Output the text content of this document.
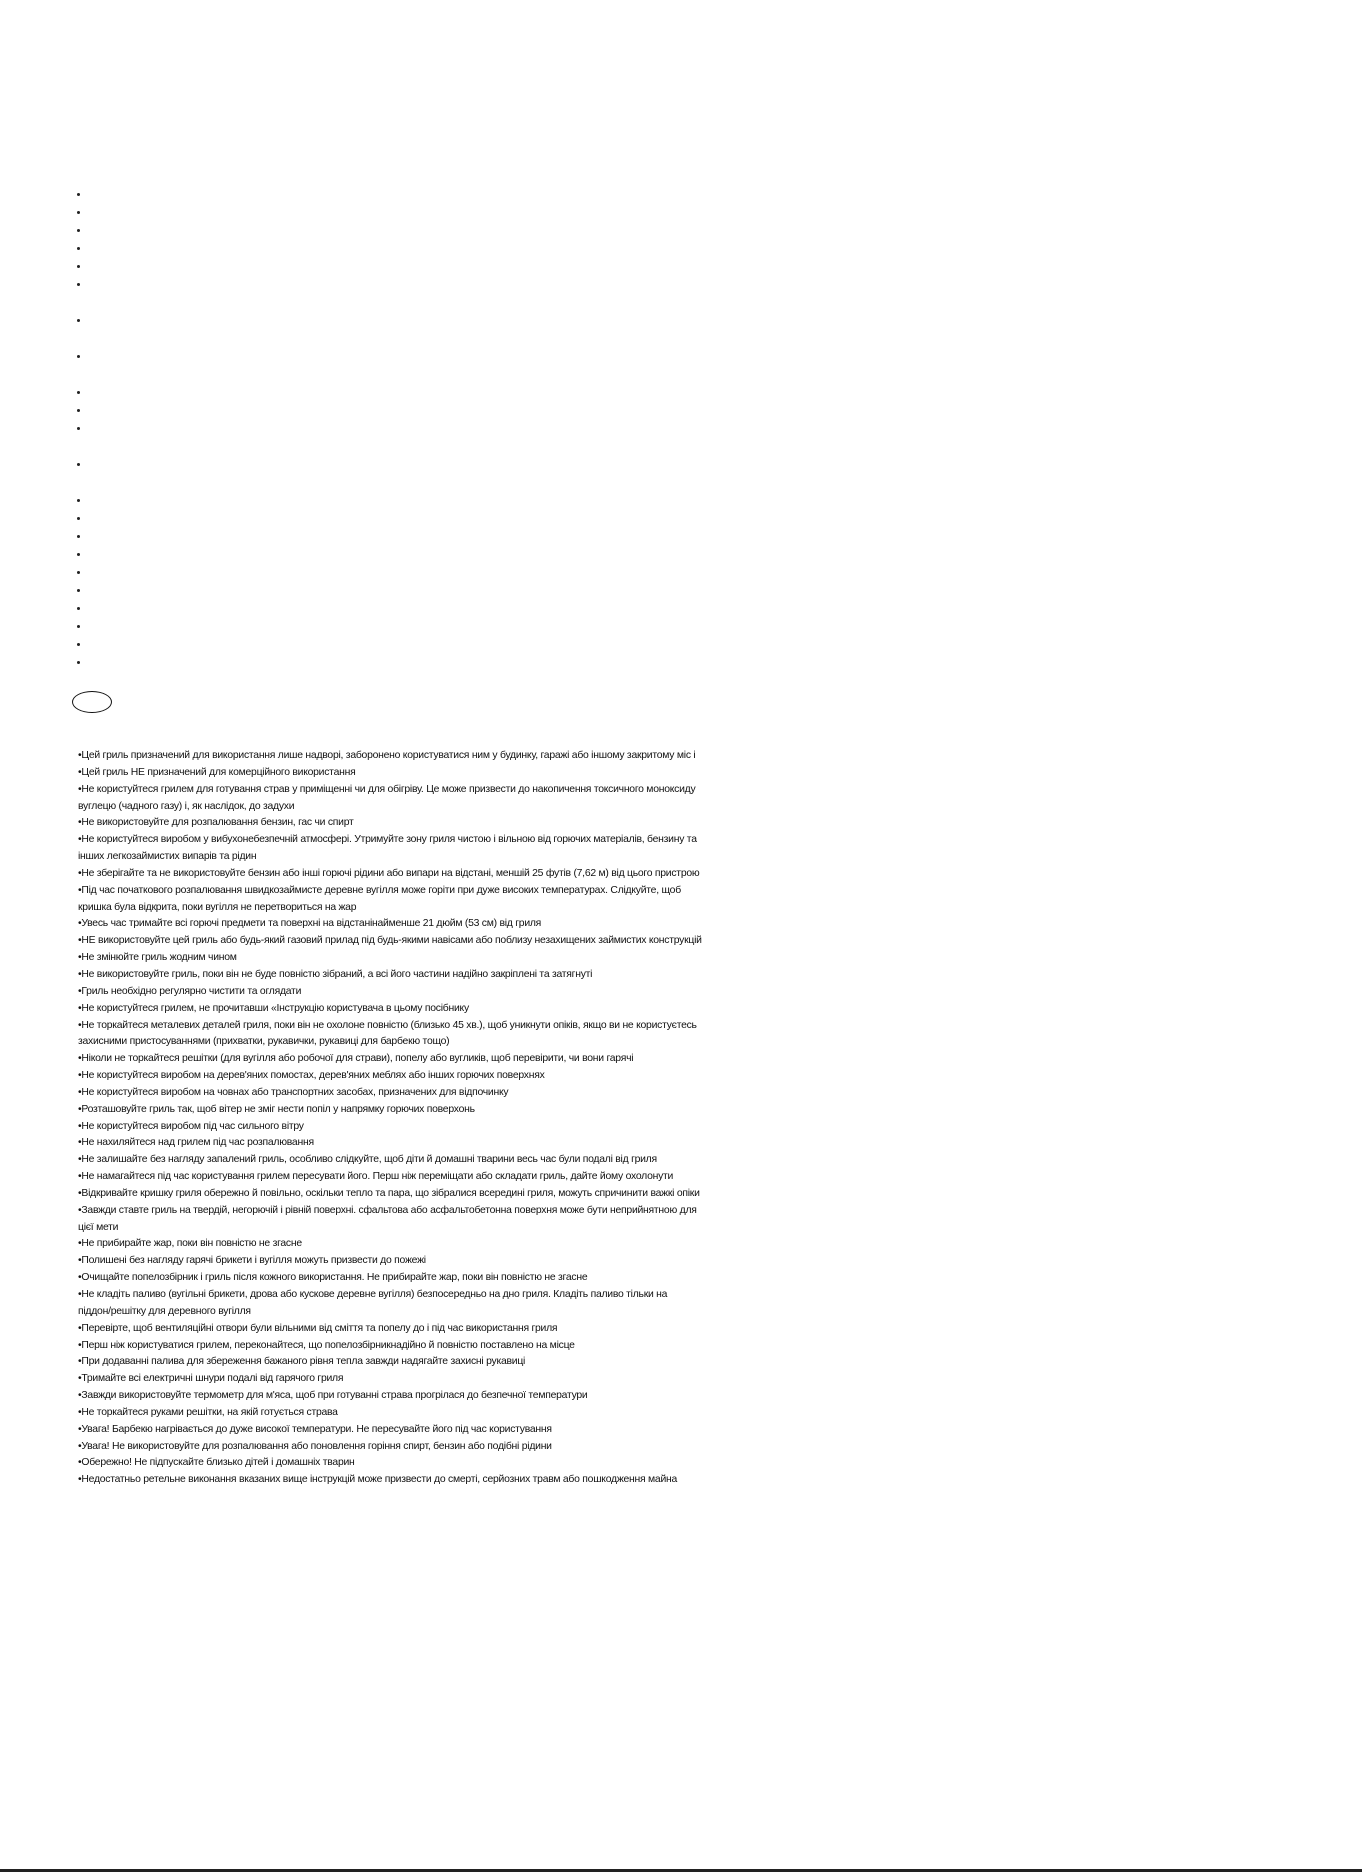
•Цей гриль призначений для використання лише надворі, заборонено користуватися ним у будинку, гаражі або іншому закритому міс і
•Цей гриль НЕ призначений для комерційного використання
•Не користуйтеся грилем для готування страв у приміщенні чи для обігріву. Це може призвести до накопичення токсичного моноксиду
вуглецю (чадного газу) і, як наслідок, до задухи
•Не використовуйте для розпалювання бензин, гас чи спирт
•Не користуйтеся виробом у вибухонебезпечній атмосфері. Утримуйте зону гриля чистою і вільною від горючих матеріалів, бензину та
інших легкозаймистих випарів та рідин
•Не зберігайте та не використовуйте бензин або інші горючі рідини або випари на відстані, меншій 25 футів (7,62 м) від цього пристрою
•Під час початкового розпалювання швидкозаймисте деревне вугілля може горіти при дуже високих температурах. Слідкуйте, щоб
кришка була відкрита, поки вугілля не перетвориться на жар
•Увесь час тримайте всі горючі предмети та поверхні на відстанінайменше 21 дюйм (53 см) від гриля
•НЕ використовуйте цей гриль або будь-який газовий прилад під будь-якими навісами або поблизу незахищених займистих конструкцій
•Не змінюйте гриль жодним чином
•Не використовуйте гриль, поки він не буде повністю зібраний, а всі його частини надійно закріплені та затягнуті
•Гриль необхідно регулярно чистити та оглядати
•Не користуйтеся грилем, не прочитавши «Інструкцію користувача в цьому посібнику
•Не торкайтеся металевих деталей гриля, поки він не охолоне повністю (близько 45 хв.), щоб уникнути опіків, якщо ви не користуєтесь
захисними пристосуваннями (прихватки, рукавички, рукавиці для барбекю тощо)
•Ніколи не торкайтеся решітки (для вугілля або робочої для страви), попелу або вугликів, щоб перевірити, чи вони гарячі
•Не користуйтеся виробом на дерев'яних помостах, дерев'яних меблях або інших горючих поверхнях
•Не користуйтеся виробом на човнах або транспортних засобах, призначених для відпочинку
•Розташовуйте гриль так, щоб вітер не зміг нести попіл у напрямку горючих поверхонь
•Не користуйтеся виробом під час сильного вітру
•Не нахиляйтеся над грилем під час розпалювання
•Не залишайте без нагляду запалений гриль, особливо слідкуйте, щоб діти й домашні тварини весь час були подалі від гриля
•Не намагайтеся під час користування грилем пересувати його. Перш ніж переміщати або складати гриль, дайте йому охолонути
•Відкривайте кришку гриля обережно й повільно, оскільки тепло та пара, що зібралися всередині гриля, можуть спричинити важкі опіки
•Завжди ставте гриль на твердій, негорючій і рівній поверхні. сфальтова або асфальтобетонна поверхня може бути неприйнятною для
цієї мети
•Не прибирайте жар, поки він повністю не згасне
•Полишені без нагляду гарячі брикети і вугілля можуть призвести до пожежі
•Очищайте попелозбірник і гриль після кожного використання. Не прибирайте жар, поки він повністю не згасне
•Не кладіть паливо (вугільні брикети, дрова або кускове деревне вугілля) безпосередньо на дно гриля. Кладіть паливо тільки на
піддон/решітку для деревного вугілля
•Перевірте, щоб вентиляційні отвори були вільними від сміття та попелу до і під час використання гриля
•Перш ніж користуватися грилем, переконайтеся, що попелозбірникнадійно й повністю поставлено на місце
•При додаванні палива для збереження бажаного рівня тепла завжди надягайте захисні рукавиці
•Тримайте всі електричні шнури подалі від гарячого гриля
•Завжди використовуйте термометр для м'яса, щоб при готуванні страва прогрілася до безпечної температури
•Не торкайтеся руками решітки, на якій готується страва
•Увага! Барбекю нагрівається до дуже високої температури. Не пересувайте його під час користування
•Увага! Не використовуйте для розпалювання або поновлення горіння спирт, бензин або подібні рідини
•Обережно! Не підпускайте близько дітей і домашніх тварин
•Недостатньо ретельне виконання вказаних вище інструкцій може призвести до смерті, серйозних травм або пошкодження майна
